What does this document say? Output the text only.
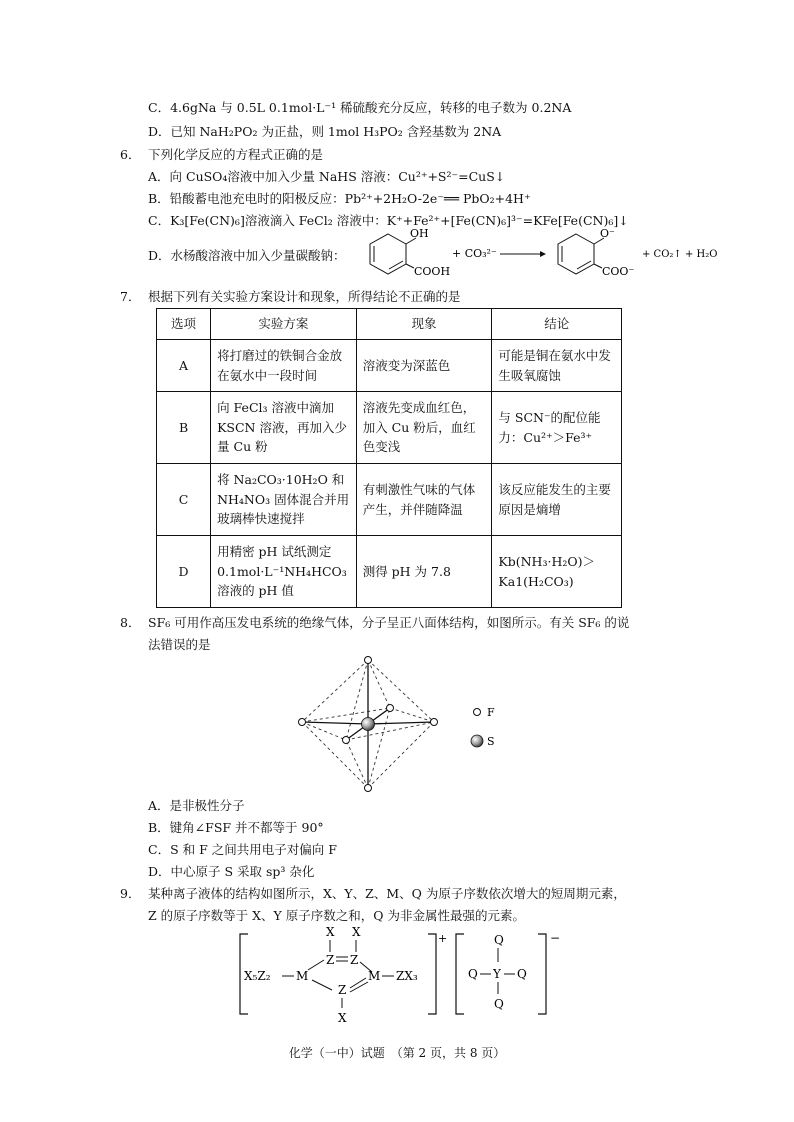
C．4.6gNa 与 0.5L 0.1mol·L⁻¹ 稀硫酸充分反应，转移的电子数为 0.2NA
D．已知 NaH₂PO₂ 为正盐，则 1mol H₃PO₂ 含羟基数为 2NA
6． 下列化学反应的方程式正确的是
A．向 CuSO₄溶液中加入少量 NaHS 溶液：Cu²⁺+S²⁻=CuS↓
B．铅酸蓄电池充电时的阳极反应：Pb²⁺+2H₂O-2e⁻══ PbO₂+4H⁺
C．K₃[Fe(CN)₆]溶液滴入 FeCl₂ 溶液中：K⁺+Fe²⁺+[Fe(CN)₆]³⁻=KFe[Fe(CN)₆]↓
D．水杨酸溶液中加入少量碳酸钠：
OH
COOH
+ CO₃²⁻
O⁻
COO⁻
+ CO₂↑ + H₂O
7． 根据下列有关实验方案设计和现象，所得结论不正确的是
选项	实验方案	现象	结论
A	将打磨过的铁铜合金放在氨水中一段时间	溶液变为深蓝色	可能是铜在氨水中发生吸氧腐蚀
B	向 FeCl₃ 溶液中滴加 KSCN 溶液，再加入少量 Cu 粉	溶液先变成血红色，加入 Cu 粉后，血红色变浅	与 SCN⁻的配位能力：Cu²⁺＞Fe³⁺
C	将 Na₂CO₃·10H₂O 和 NH₄NO₃ 固体混合并用玻璃棒快速搅拌	有刺激性气味的气体产生，并伴随降温	该反应能发生的主要原因是熵增
D	用精密 pH 试纸测定 0.1mol·L⁻¹NH₄HCO₃ 溶液的 pH 值	测得 pH 为 7.8	Kb(NH₃·H₂O)＞Ka1(H₂CO₃)
8． SF₆ 可用作高压发电系统的绝缘气体，分子呈正八面体结构，如图所示。有关 SF₆ 的说
法错误的是
F
S
A．是非极性分子
B．键角∠FSF 并不都等于 90°
C．S 和 F 之间共用电子对偏向 F
D．中心原子 S 采取 sp³ 杂化
9． 某种离子液体的结构如图所示，X、Y、Z、M、Q 为原子序数依次增大的短周期元素，
Z 的原子序数等于 X、Y 原子序数之和，Q 为非金属性最强的元素。
+	−
X₅Z₂ M
Z Z
X X
M ZX₃
Z
X
Q
Q Y Q
Q
化学（一中）试题　（第 2 页，共 8 页）
